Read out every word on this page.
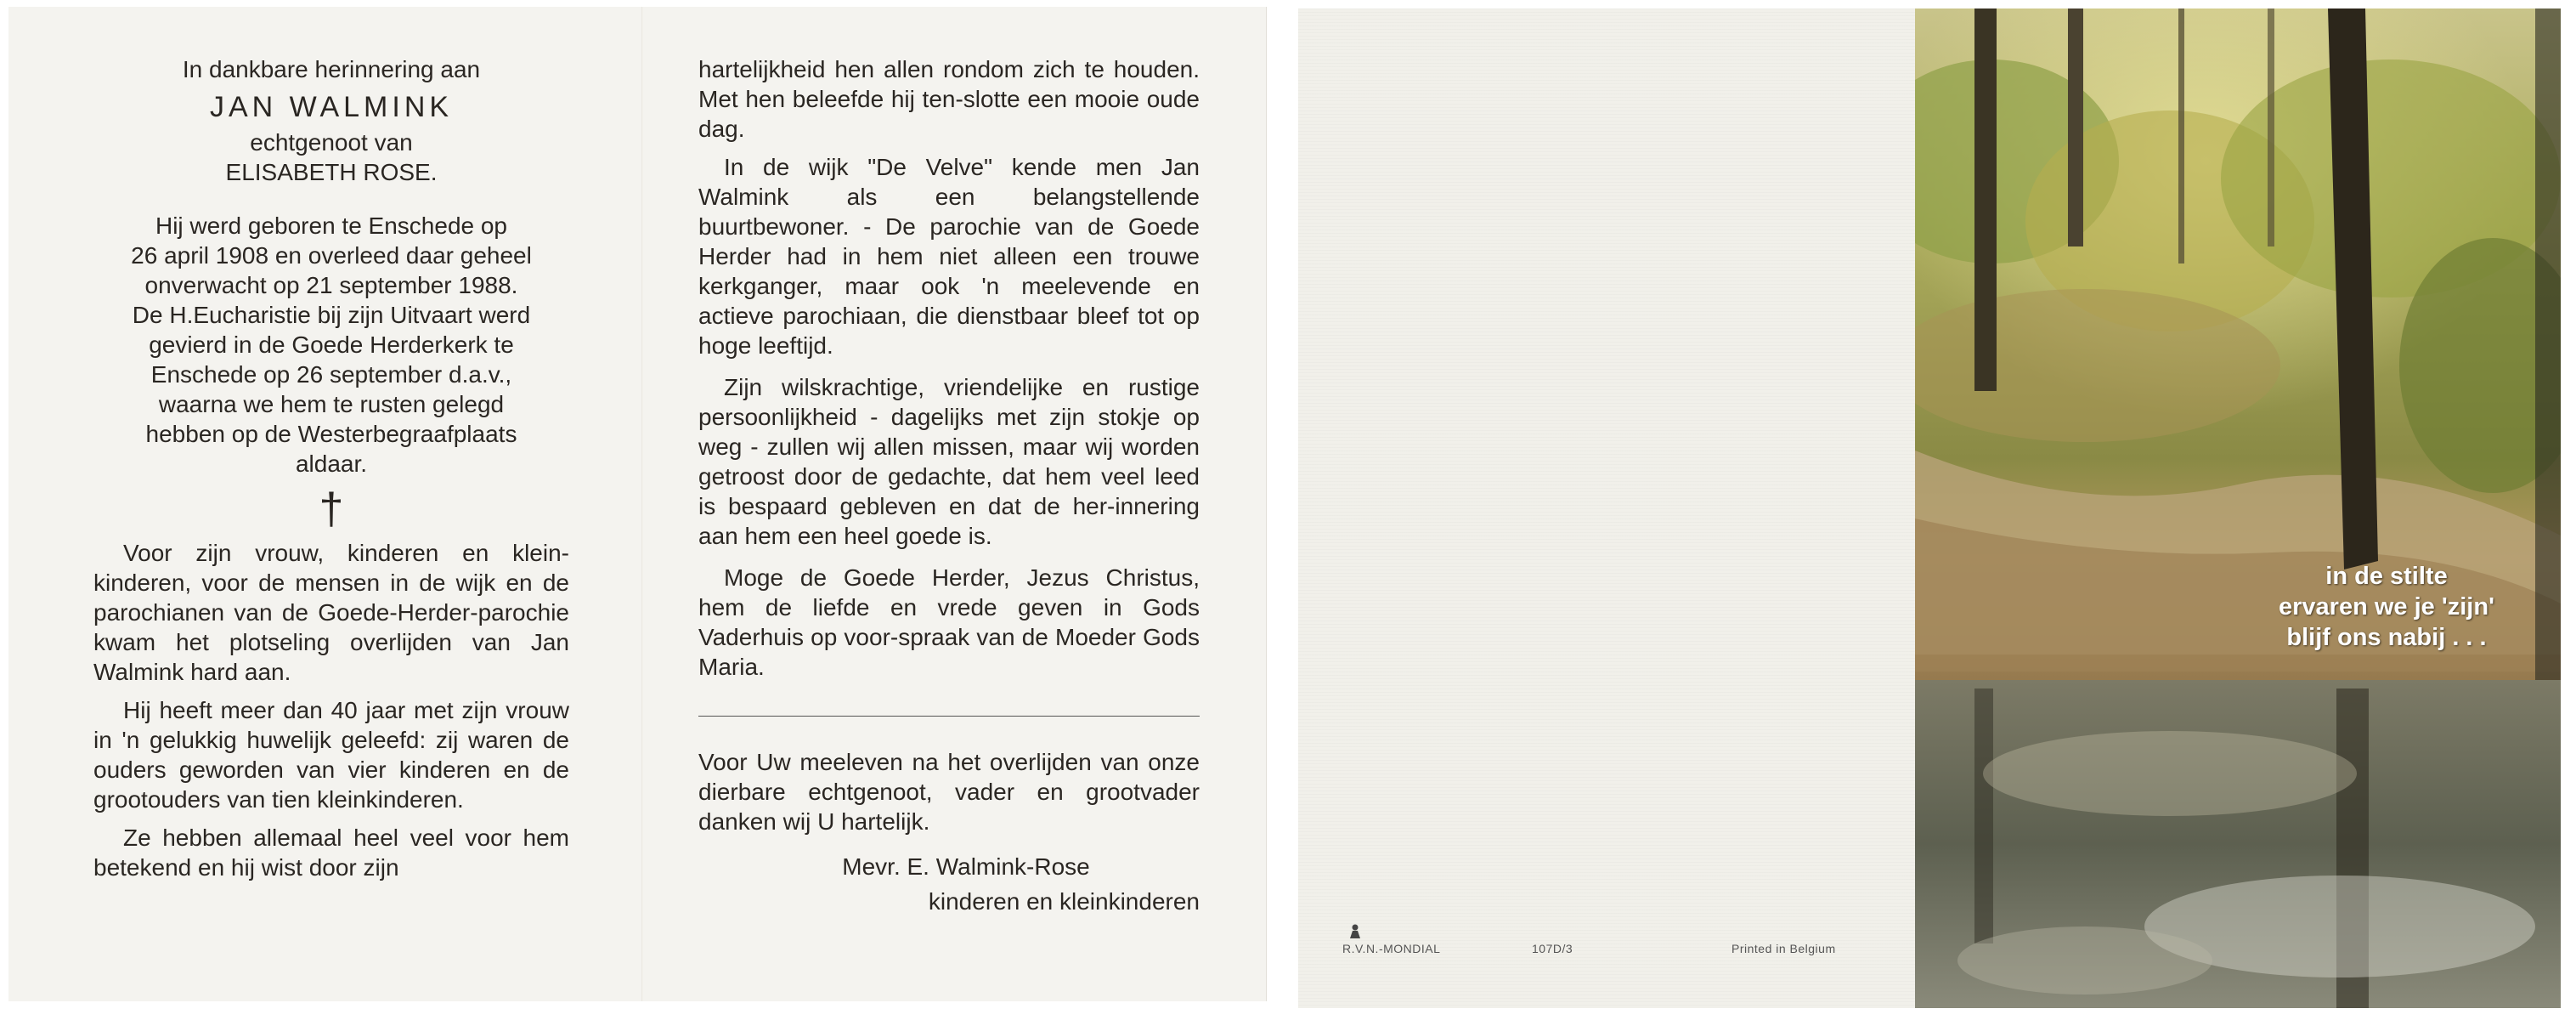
In dankbare herinnering aan

JAN WALMINK

echtgenoot van

ELISABETH ROSE.

Hij werd geboren te Enschede op

26 april 1908 en overleed daar geheel

onverwacht op 21 september 1988.

De H.Eucharistie bij zijn Uitvaart werd

gevierd in de Goede Herderkerk te

Enschede op 26 september d.a.v.,

waarna we hem te rusten gelegd

hebben op de Westerbegraafplaats

aldaar.

†

Voor zijn vrouw, kinderen en klein-kinderen, voor de mensen in de wijk en de parochianen van de Goede-Herder-parochie kwam het plotseling overlijden van Jan Walmink hard aan.

Hij heeft meer dan 40 jaar met zijn vrouw in 'n gelukkig huwelijk geleefd: zij waren de ouders geworden van vier kinderen en de grootouders van tien kleinkinderen.

Ze hebben allemaal heel veel voor hem betekend en hij wist door zijn

hartelijkheid hen allen rondom zich te houden. Met hen beleefde hij ten-slotte een mooie oude dag.

In de wijk "De Velve" kende men Jan Walmink als een belangstellende buurtbewoner. - De parochie van de Goede Herder had in hem niet alleen een trouwe kerkganger, maar ook 'n meelevende en actieve parochiaan, die dienstbaar bleef tot op hoge leeftijd.

Zijn wilskrachtige, vriendelijke en rustige persoonlijkheid - dagelijks met zijn stokje op weg - zullen wij allen missen, maar wij worden getroost door de gedachte, dat hem veel leed is bespaard gebleven en dat de her-innering aan hem een heel goede is.

Moge de Goede Herder, Jezus Christus, hem de liefde en vrede geven in Gods Vaderhuis op voor-spraak van de Moeder Gods Maria.

Voor Uw meeleven na het overlijden van onze dierbare echtgenoot, vader en grootvader danken wij U hartelijk.

Mevr. E. Walmink-Rose

kinderen en kleinkinderen

R.V.N.-MONDIAL	107D/3	Printed in Belgium

in de stilte

ervaren we je 'zijn'

blijf ons nabij . . .
